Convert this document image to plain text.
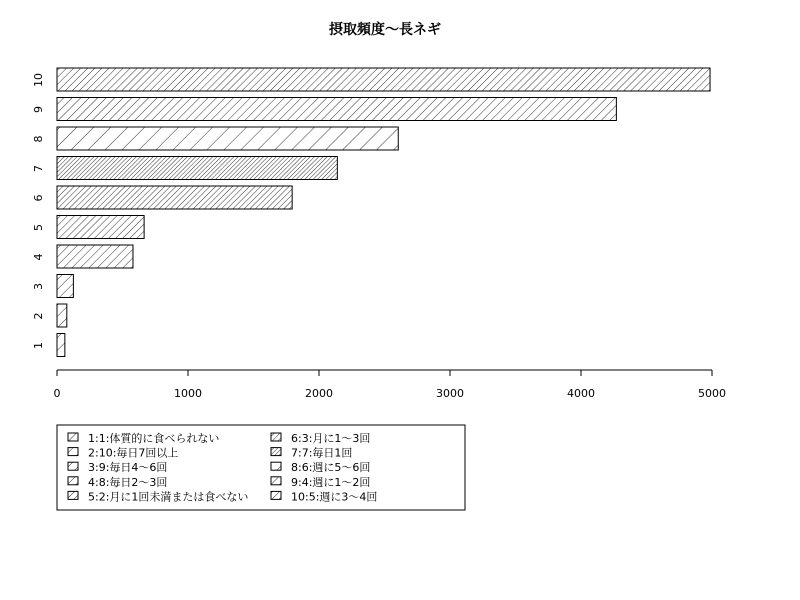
摂取頻度〜長ネギ
1
2
3
4
5
6
7
8
9
10
0	1000	2000	3000	4000	5000
1:1:体質的に食べられない
2:10:毎日7回以上
3:9:毎日4〜6回
4:8:毎日2〜3回
5:2:月に1回未満または食べない
6:3:月に1〜3回
7:7:毎日1回
8:6:週に5〜6回
9:4:週に1〜2回
10:5:週に3〜4回
